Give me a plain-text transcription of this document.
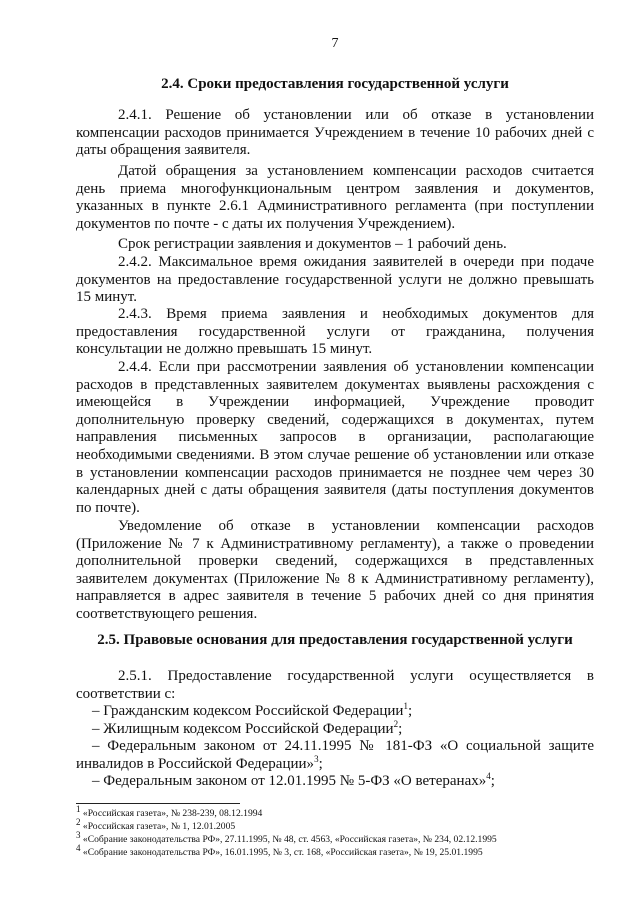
7
2.4. Сроки предоставления государственной услуги
2.4.1. Решение об установлении или об отказе в установлении
компенсации расходов принимается Учреждением в течение 10 рабочих дней с
даты обращения заявителя.
Датой обращения за установлением компенсации расходов считается
день приема многофункциональным центром заявления и документов,
указанных в пункте 2.6.1 Административного регламента (при поступлении
документов по почте - с даты их получения Учреждением).
Срок регистрации заявления и документов – 1 рабочий день.
2.4.2. Максимальное время ожидания заявителей в очереди при подаче
документов на предоставление государственной услуги не должно превышать
15 минут.
2.4.3. Время приема заявления и необходимых документов для
предоставления государственной услуги от гражданина, получения
консультации не должно превышать 15 минут.
2.4.4. Если при рассмотрении заявления об установлении компенсации
расходов в представленных заявителем документах выявлены расхождения с
имеющейся в Учреждении информацией, Учреждение проводит
дополнительную проверку сведений, содержащихся в документах, путем
направления письменных запросов в организации, располагающие
необходимыми сведениями. В этом случае решение об установлении или отказе
в установлении компенсации расходов принимается не позднее чем через 30
календарных дней с даты обращения заявителя (даты поступления документов
по почте).
Уведомление об отказе в установлении компенсации расходов
(Приложение № 7 к Административному регламенту), а также о проведении
дополнительной проверки сведений, содержащихся в представленных
заявителем документах (Приложение № 8 к Административному регламенту),
направляется в адрес заявителя в течение 5 рабочих дней со дня принятия
соответствующего решения.
2.5. Правовые основания для предоставления государственной услуги
2.5.1. Предоставление государственной услуги осуществляется в
соответствии с:
– Гражданским кодексом Российской Федерации$^1$;
– Жилищным кодексом Российской Федерации$^2$;
– Федеральным законом от 24.11.1995 № 181-ФЗ «О социальной защите
инвалидов в Российской Федерации»$^3$;
– Федеральным законом от 12.01.1995 № 5-ФЗ «О ветеранах»$^4$;
$^1$ «Российская газета», № 238-239, 08.12.1994
$^2$ «Российская газета», № 1, 12.01.2005
$^3$ «Собрание законодательства РФ», 27.11.1995, № 48, ст. 4563, «Российская газета», № 234, 02.12.1995
$^4$ «Собрание законодательства РФ», 16.01.1995, № 3, ст. 168, «Российская газета», № 19, 25.01.1995
